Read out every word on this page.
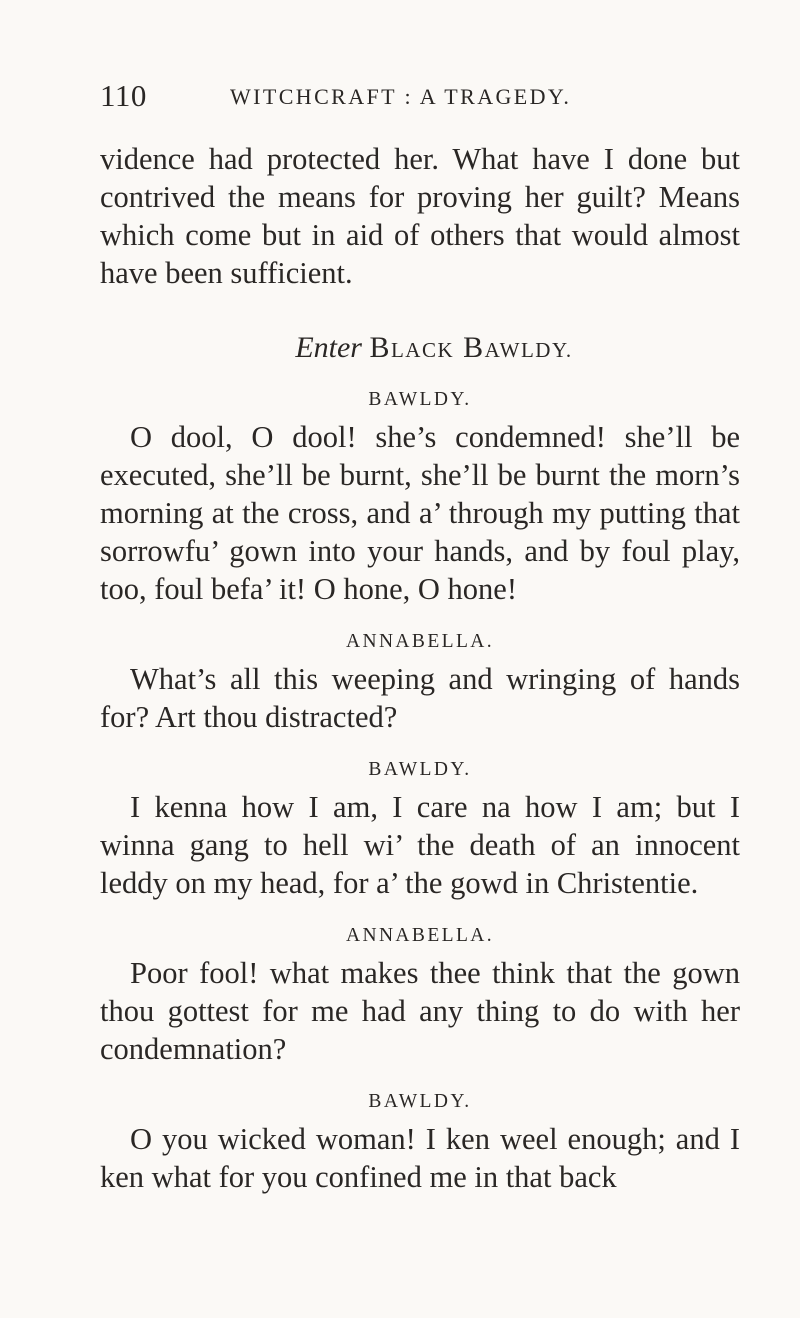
110	WITCHCRAFT : A TRAGEDY.

vidence had protected her. What have I done but contrived the means for proving her guilt? Means which come but in aid of others that would almost have been sufficient.

Enter BLACK BAWLDY.
BAWLDY.

O dool, O dool! she’s condemned! she’ll be executed, she’ll be burnt, she’ll be burnt the morn’s morning at the cross, and a’ through my putting that sorrowfu’ gown into your hands, and by foul play, too, foul befa’ it! O hone, O hone!

ANNABELLA.

What’s all this weeping and wringing of hands for? Art thou distracted?

BAWLDY.

I kenna how I am, I care na how I am; but I winna gang to hell wi’ the death of an innocent leddy on my head, for a’ the gowd in Christentie.

ANNABELLA.

Poor fool! what makes thee think that the gown thou gottest for me had any thing to do with her condemnation?

BAWLDY.

O you wicked woman! I ken weel enough; and I ken what for you confined me in that back
